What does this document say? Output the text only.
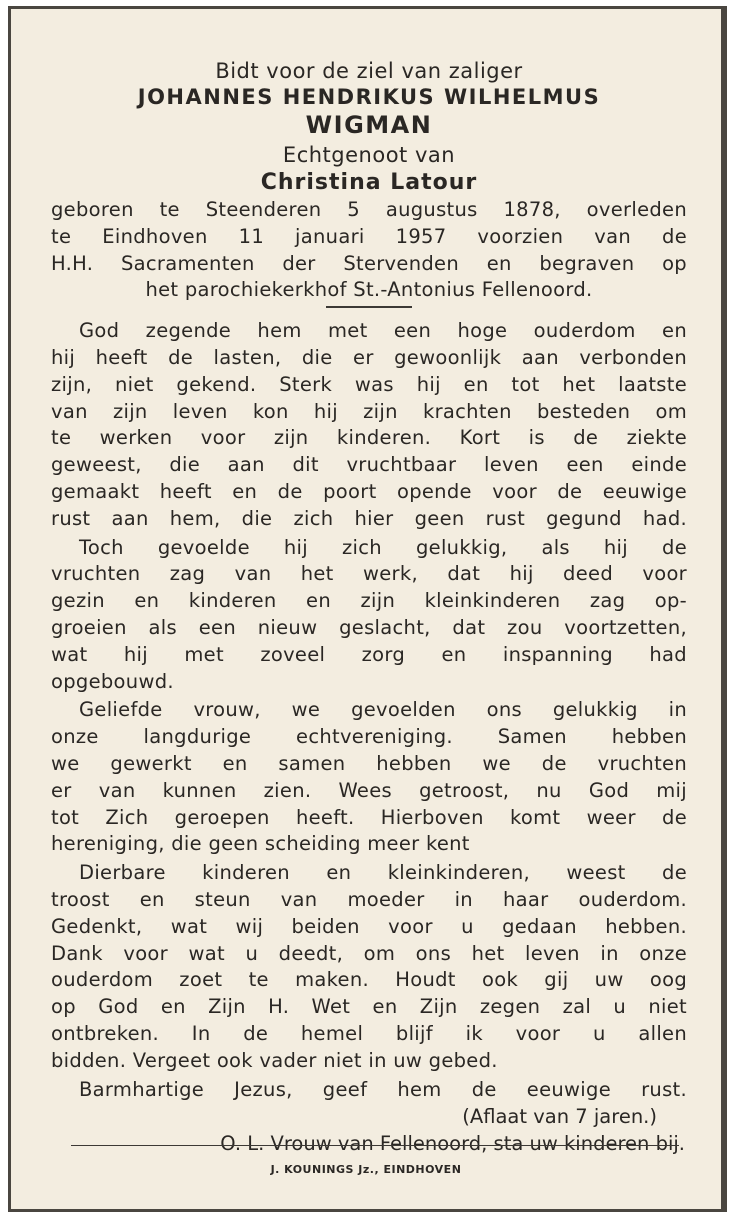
Bidt voor de ziel van zaliger
JOHANNES HENDRIKUS WILHELMUS
WIGMAN
Echtgenoot van
Christina Latour
geboren te Steenderen 5 augustus 1878, overleden
te Eindhoven 11 januari 1957 voorzien van de
H.H. Sacramenten der Stervenden en begraven op
het parochiekerkhof St.-Antonius Fellenoord.
God zegende hem met een hoge ouderdom en
hij heeft de lasten, die er gewoonlijk aan verbonden
zijn, niet gekend. Sterk was hij en tot het laatste
van zijn leven kon hij zijn krachten besteden om
te werken voor zijn kinderen. Kort is de ziekte
geweest, die aan dit vruchtbaar leven een einde
gemaakt heeft en de poort opende voor de eeuwige
rust aan hem, die zich hier geen rust gegund had.
Toch gevoelde hij zich gelukkig, als hij de
vruchten zag van het werk, dat hij deed voor
gezin en kinderen en zijn kleinkinderen zag op-
groeien als een nieuw geslacht, dat zou voortzetten,
wat hij met zoveel zorg en inspanning had
opgebouwd.
Geliefde vrouw, we gevoelden ons gelukkig in
onze langdurige echtvereniging. Samen hebben
we gewerkt en samen hebben we de vruchten
er van kunnen zien. Wees getroost, nu God mij
tot Zich geroepen heeft. Hierboven komt weer de
hereniging, die geen scheiding meer kent
Dierbare kinderen en kleinkinderen, weest de
troost en steun van moeder in haar ouderdom.
Gedenkt, wat wij beiden voor u gedaan hebben.
Dank voor wat u deedt, om ons het leven in onze
ouderdom zoet te maken. Houdt ook gij uw oog
op God en Zijn H. Wet en Zijn zegen zal u niet
ontbreken. In de hemel blijf ik voor u allen
bidden. Vergeet ook vader niet in uw gebed.
Barmhartige Jezus, geef hem de eeuwige rust.
(Aflaat van 7 jaren.)
O. L. Vrouw van Fellenoord, sta uw kinderen bij.
J. KOUNINGS Jz., EINDHOVEN
